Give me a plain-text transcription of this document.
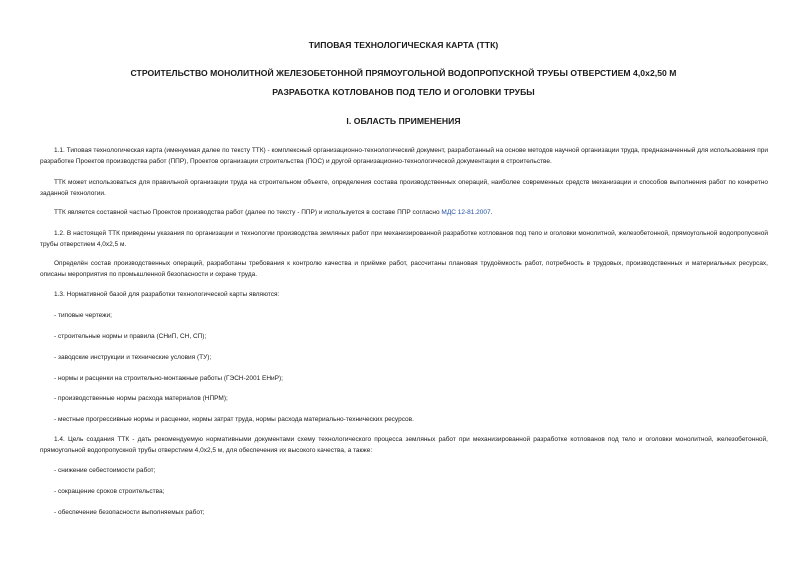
ТИПОВАЯ ТЕХНОЛОГИЧЕСКАЯ КАРТА (ТТК)
СТРОИТЕЛЬСТВО МОНОЛИТНОЙ ЖЕЛЕЗОБЕТОННОЙ ПРЯМОУГОЛЬНОЙ ВОДОПРОПУСКНОЙ ТРУБЫ ОТВЕРСТИЕМ 4,0х2,50 М
РАЗРАБОТКА КОТЛОВАНОВ ПОД ТЕЛО И ОГОЛОВКИ ТРУБЫ
I. ОБЛАСТЬ ПРИМЕНЕНИЯ
1.1. Типовая технологическая карта (именуемая далее по тексту ТТК) - комплексный организационно-технологический документ, разработанный на основе методов научной организации труда, предназначенный для использования при разработке Проектов производства работ (ППР), Проектов организации строительства (ПОС) и другой организационно-технологической документации в строительстве.
ТТК может использоваться для правильной организации труда на строительном объекте, определения состава производственных операций, наиболее современных средств механизации и способов выполнения работ по конкретно заданной технологии.
ТТК является составной частью Проектов производства работ (далее по тексту - ППР) и используется в составе ППР согласно МДС 12-81.2007.
1.2. В настоящей ТТК приведены указания по организации и технологии производства земляных работ при механизированной разработке котлованов под тело и оголовки монолитной, железобетонной, прямоугольной водопропускной трубы отверстием 4,0х2,5 м.
Определён состав производственных операций, разработаны требования к контролю качества и приёмке работ, рассчитаны плановая трудоёмкость работ, потребность в трудовых, производственных и материальных ресурсах, описаны мероприятия по промышленной безопасности и охране труда.
1.3. Нормативной базой для разработки технологической карты являются:
- типовые чертежи;
- строительные нормы и правила (СНиП, СН, СП);
- заводские инструкции и технические условия (ТУ);
- нормы и расценки на строительно-монтажные работы (ГЭСН-2001 ЕНиР);
- производственные нормы расхода материалов (НПРМ);
- местные прогрессивные нормы и расценки, нормы затрат труда, нормы расхода материально-технических ресурсов.
1.4. Цель создания ТТК - дать рекомендуемую нормативными документами схему технологического процесса земляных работ при механизированной разработке котлованов под тело и оголовки монолитной, железобетонной, прямоугольной водопропускной трубы отверстием 4,0х2,5 м, для обеспечения их высокого качества, а также:
- снижение себестоимости работ;
- сокращение сроков строительства;
- обеспечение безопасности выполняемых работ;
